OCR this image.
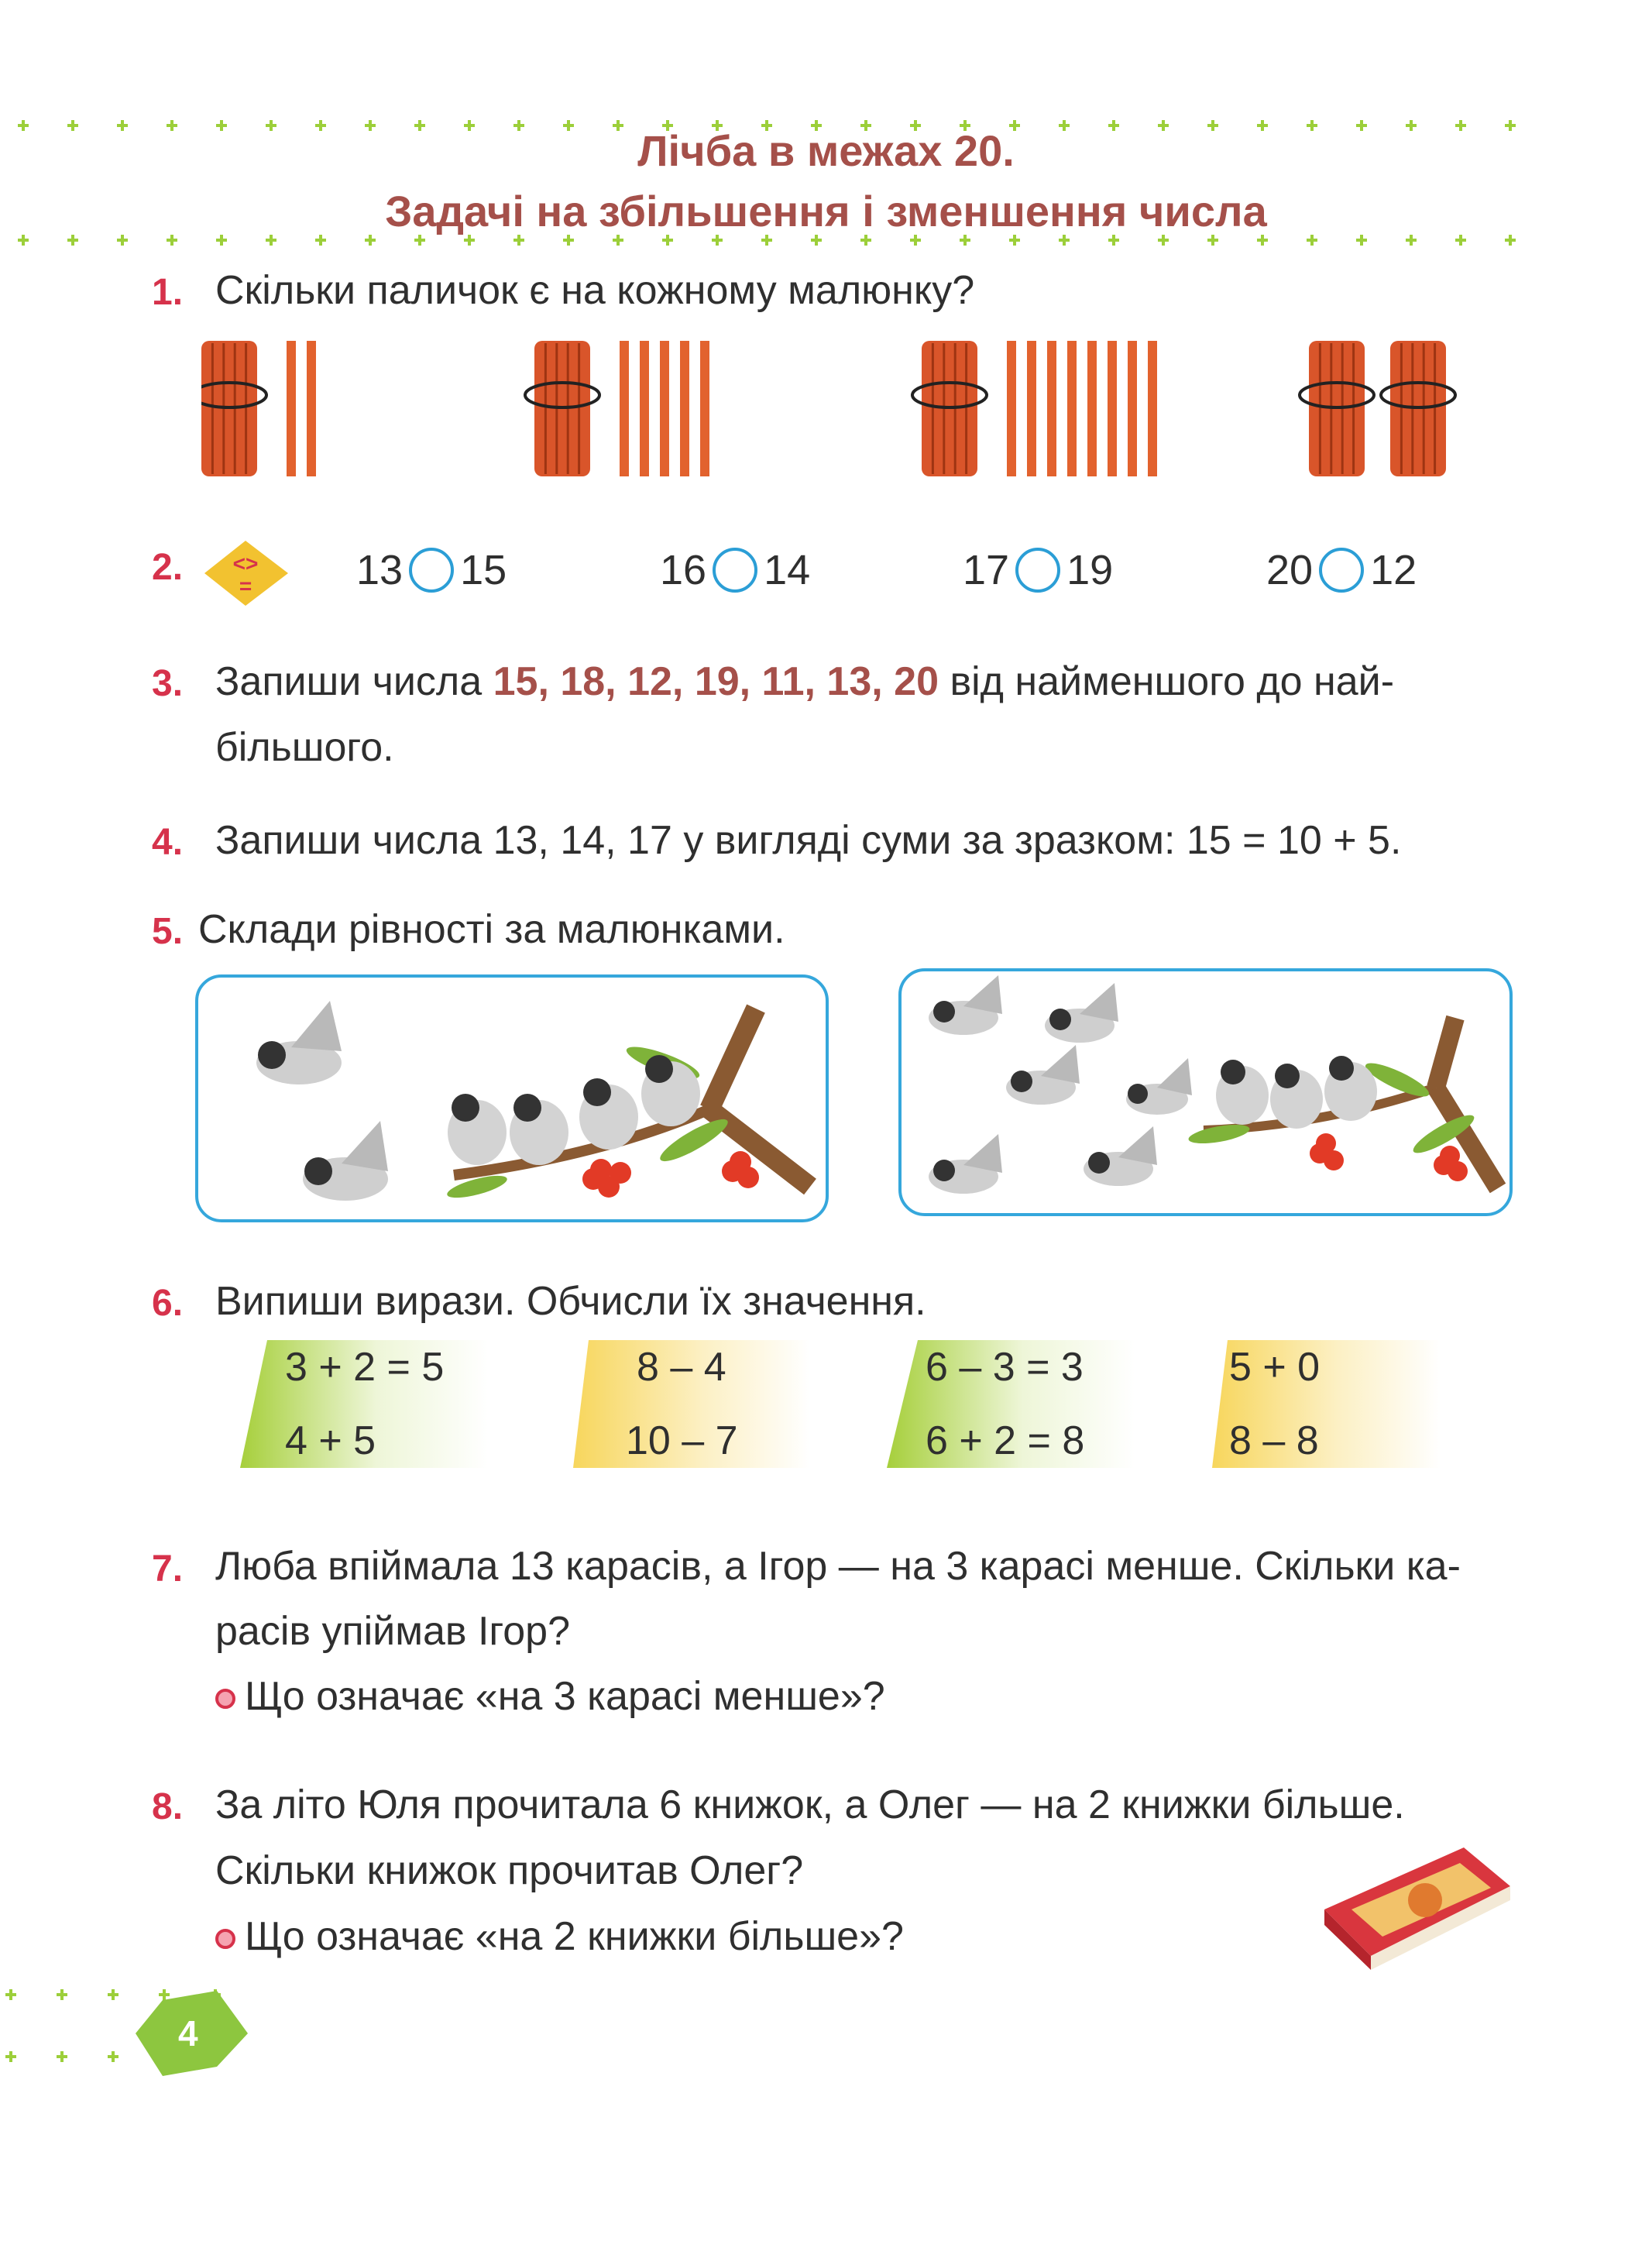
Лічба в межах 20.
Задачі на збільшення і зменшення числа
1. Скільки паличок є на кожному малюнку?
2. <>
= 13 15	16 14	17 19	20 12
3. Запиши числа 15, 18, 12, 19, 11, 13, 20 від найменшого до най-
більшого.
4. Запиши числа 13, 14, 17 у вигляді суми за зразком: 15 = 10 + 5.
5. Склади рівності за малюнками.
6. Випиши вирази. Обчисли їх значення.
3 + 2 = 5
4 + 5
8 – 4
10 – 7
6 – 3 = 3
6 + 2 = 8
5 + 0
8 – 8
7. Люба впіймала 13 карасів, а Ігор — на 3 карасі менше. Скільки ка-
расів упіймав Ігор?
Що означає «на 3 карасі менше»?
8. За літо Юля прочитала 6 книжок, а Олег — на 2 книжки більше.
Скільки книжок прочитав Олег?
Що означає «на 2 книжки більше»?
4
